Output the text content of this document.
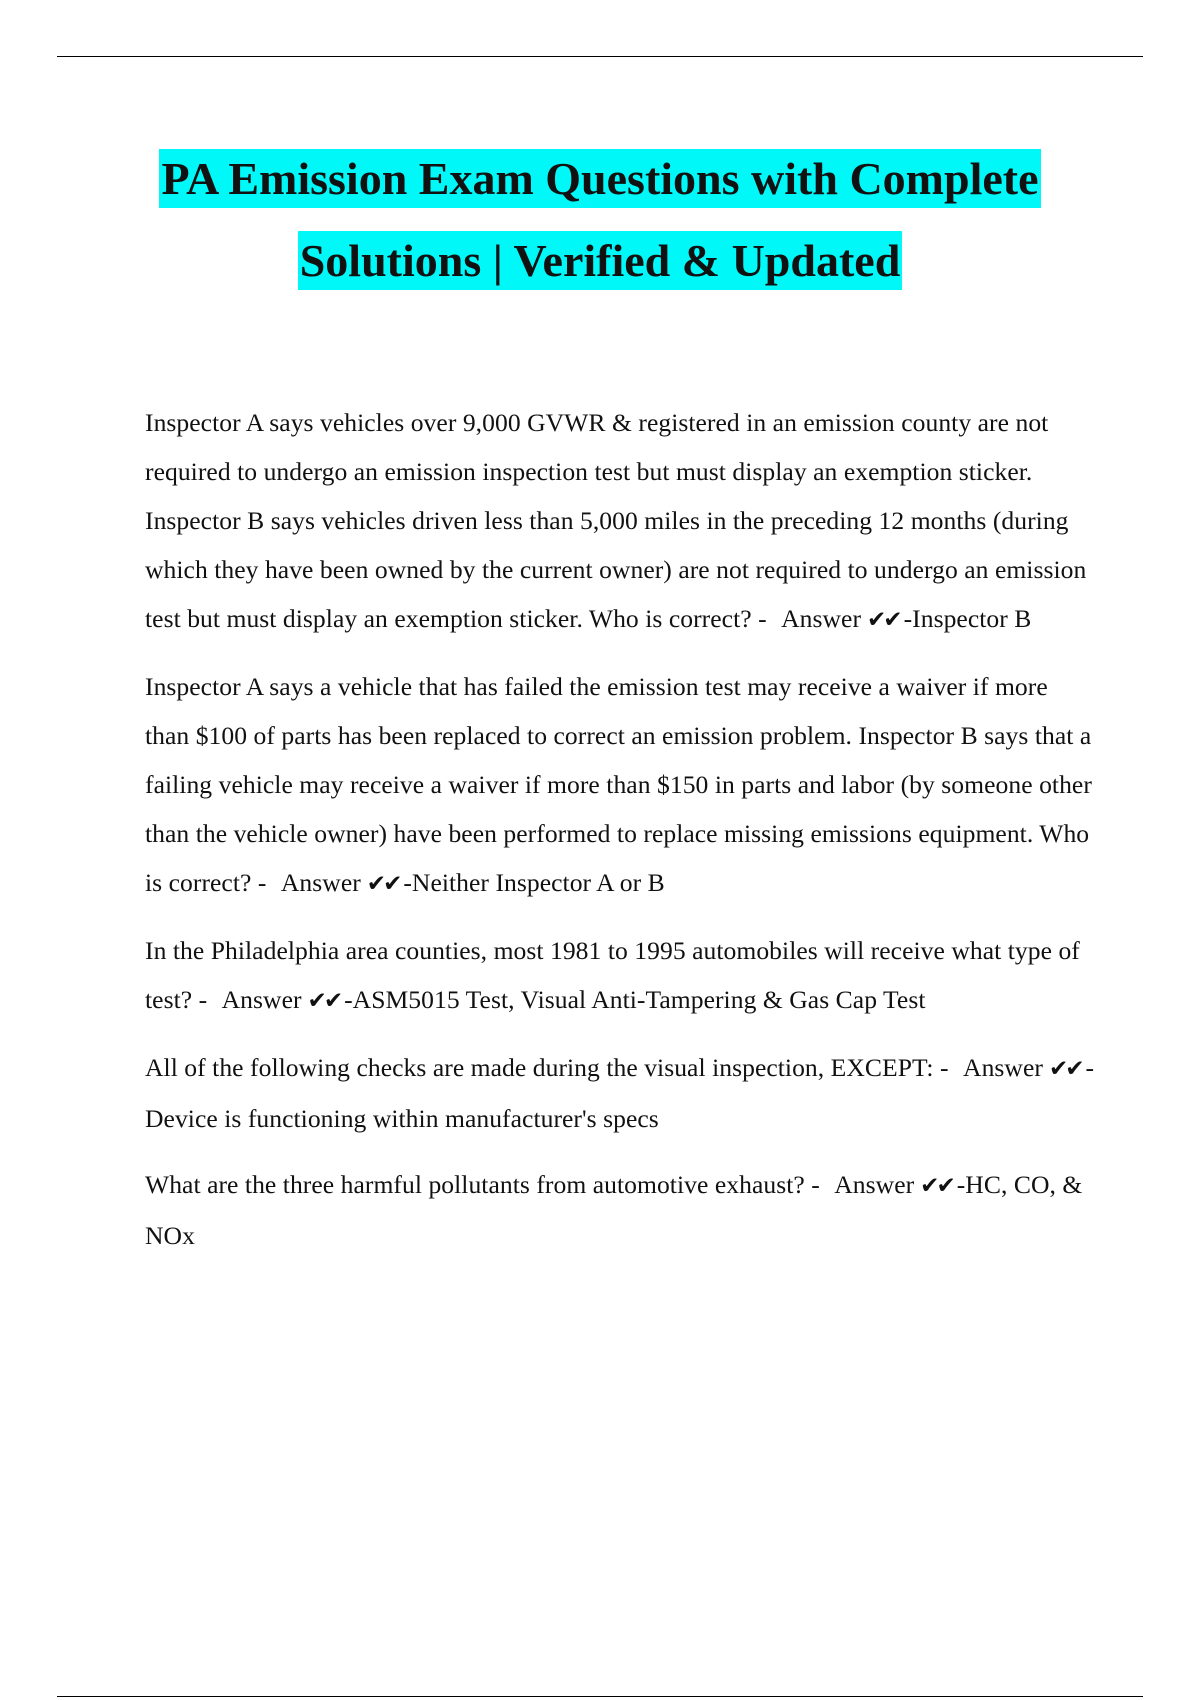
PA Emission Exam Questions with Complete
Solutions | Verified & Updated

Inspector A says vehicles over 9,000 GVWR & registered in an emission county are not required to undergo an emission inspection test but must display an exemption sticker. Inspector B says vehicles driven less than 5,000 miles in the preceding 12 months (during which they have been owned by the current owner) are not required to undergo an emission test but must display an exemption sticker. Who is correct? - Answer ✔✔ -Inspector B

Inspector A says a vehicle that has failed the emission test may receive a waiver if more than $100 of parts has been replaced to correct an emission problem. Inspector B says that a failing vehicle may receive a waiver if more than $150 in parts and labor (by someone other than the vehicle owner) have been performed to replace missing emissions equipment. Who is correct? - Answer ✔✔ -Neither Inspector A or B

In the Philadelphia area counties, most 1981 to 1995 automobiles will receive what type of test? - Answer ✔✔ -ASM5015 Test, Visual Anti-Tampering & Gas Cap Test

All of the following checks are made during the visual inspection, EXCEPT: - Answer ✔✔ -Device is functioning within manufacturer's specs

What are the three harmful pollutants from automotive exhaust? - Answer ✔✔ -HC, CO, & NOx
